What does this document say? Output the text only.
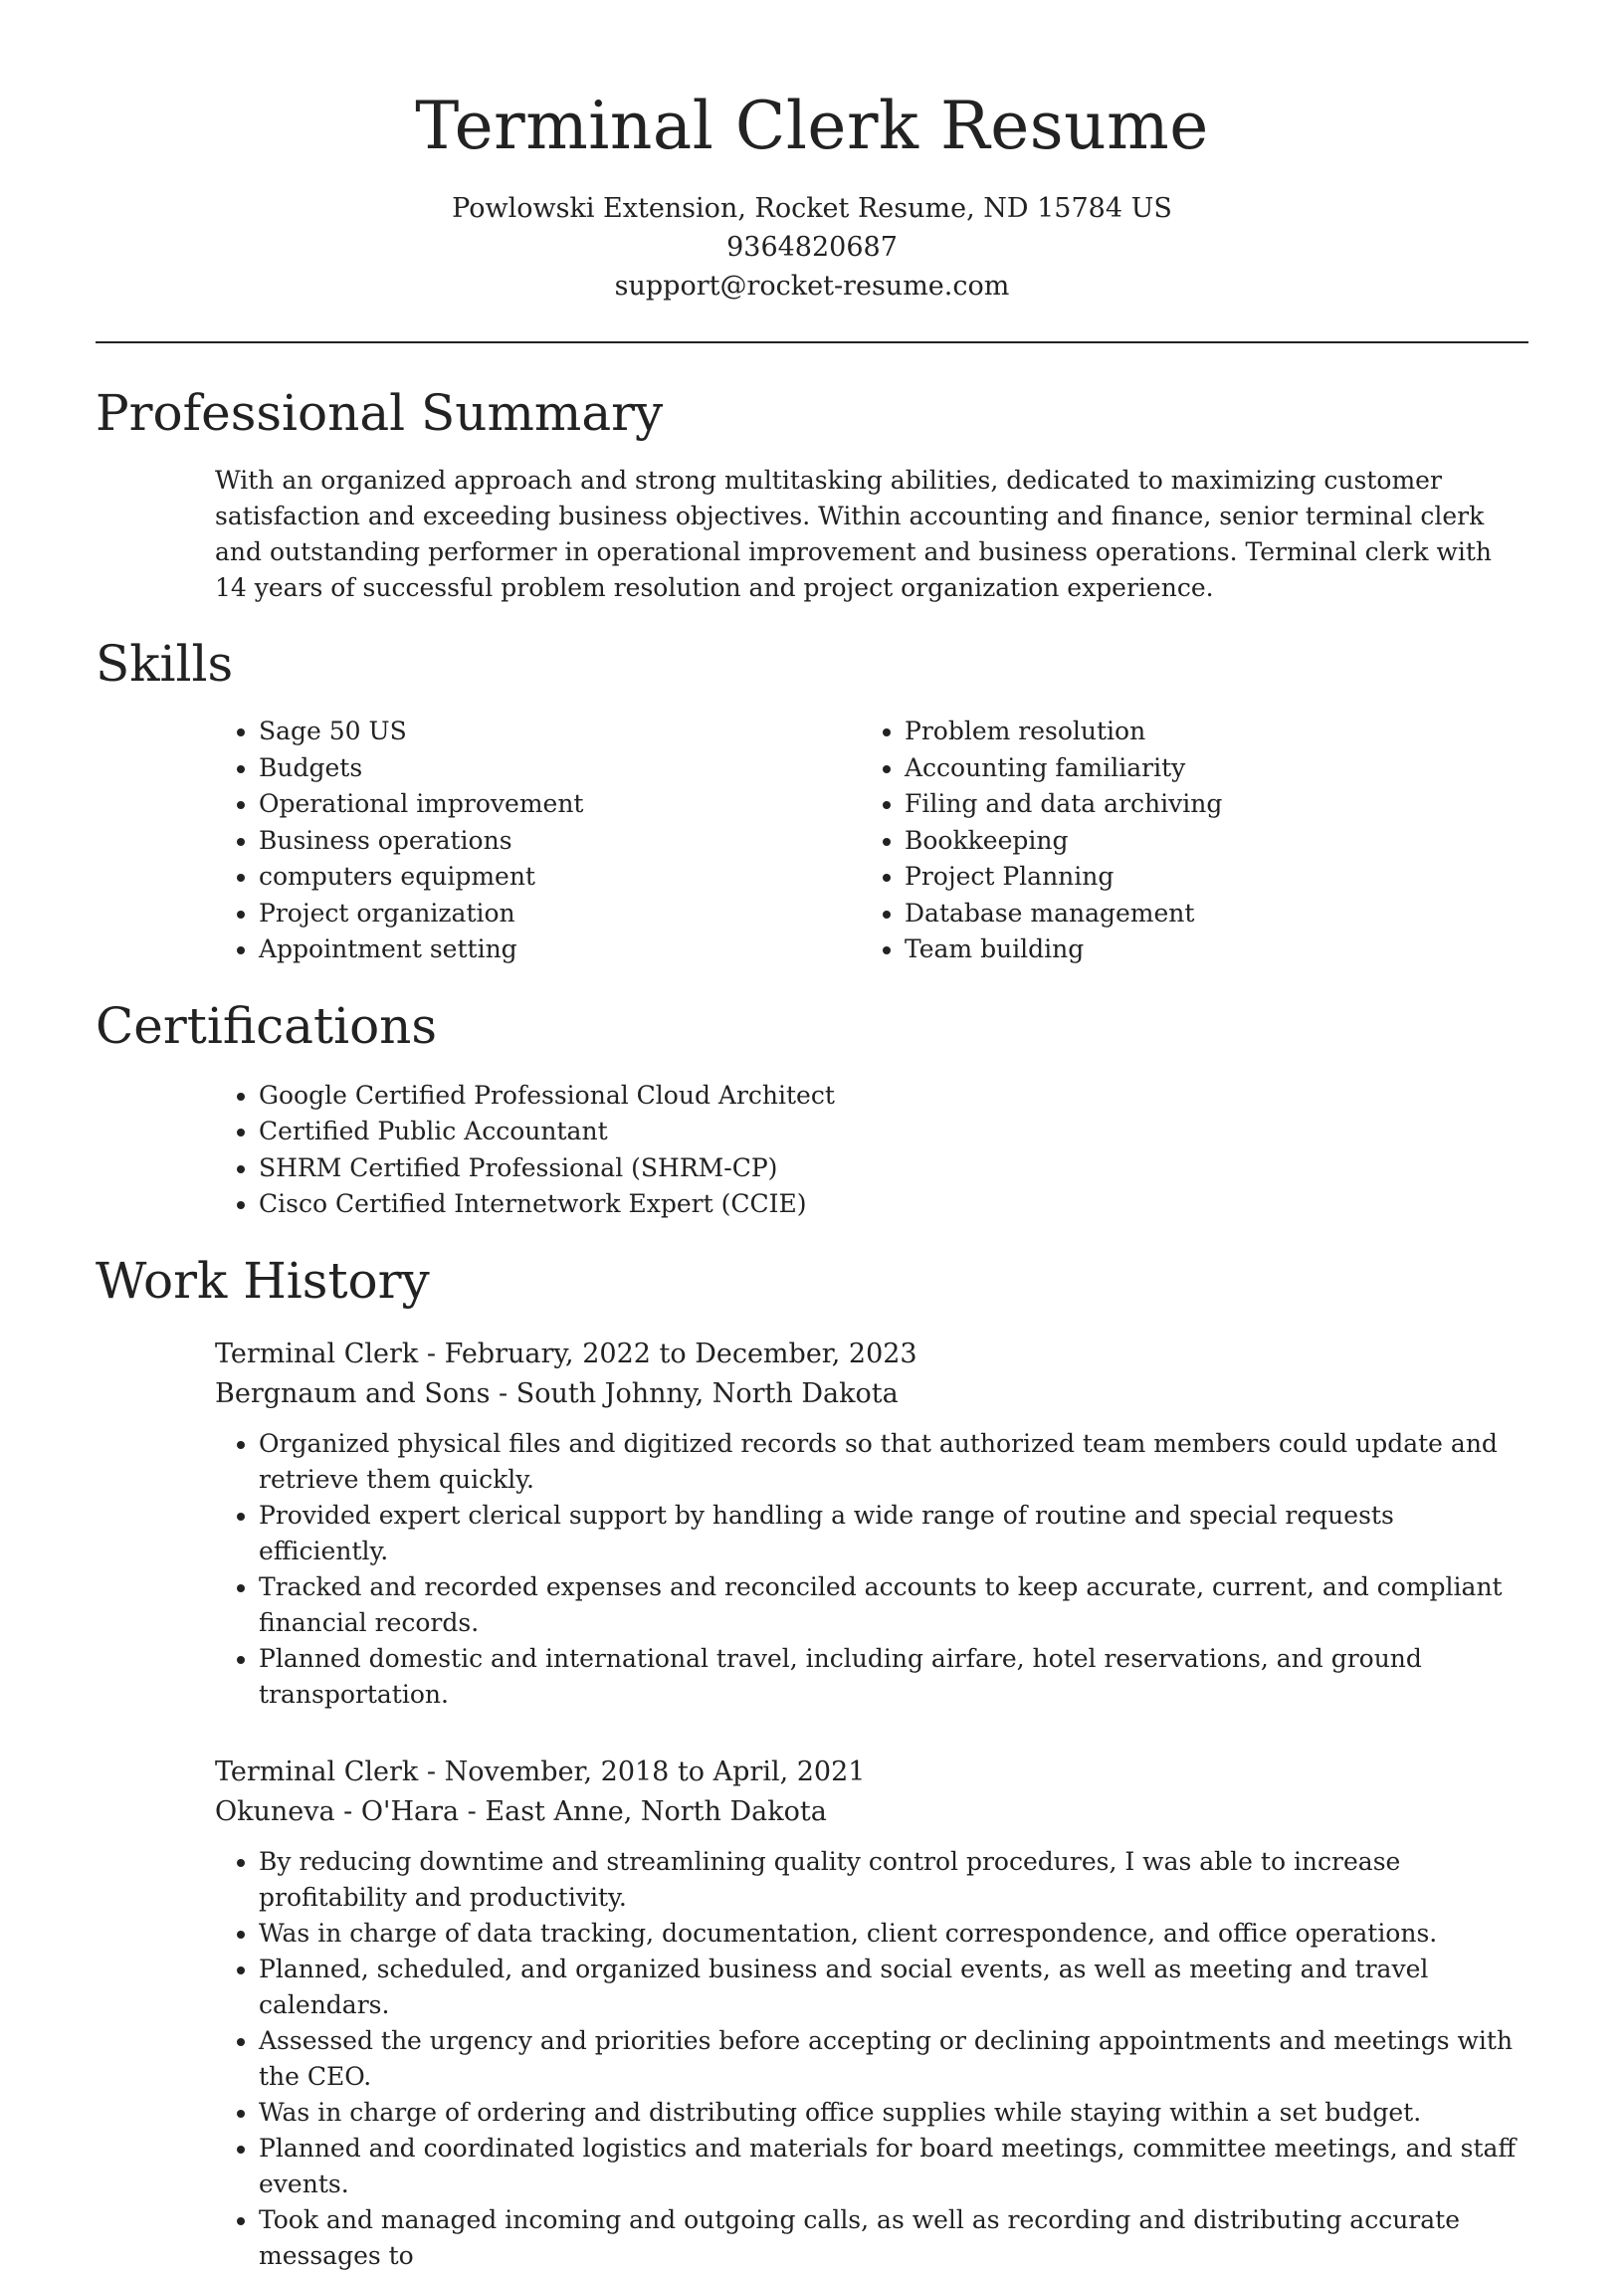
Terminal Clerk Resume
Powlowski Extension, Rocket Resume, ND 15784 US
9364820687
support@rocket-resume.com
Professional Summary
With an organized approach and strong multitasking abilities, dedicated to maximizing customer satisfaction and exceeding business objectives. Within accounting and finance, senior terminal clerk and outstanding performer in operational improvement and business operations. Terminal clerk with 14 years of successful problem resolution and project organization experience.
Skills
• Sage 50 US
• Budgets
• Operational improvement
• Business operations
• computers equipment
• Project organization
• Appointment setting
• Problem resolution
• Accounting familiarity
• Filing and data archiving
• Bookkeeping
• Project Planning
• Database management
• Team building
Certifications
• Google Certified Professional Cloud Architect
• Certified Public Accountant
• SHRM Certified Professional (SHRM-CP)
• Cisco Certified Internetwork Expert (CCIE)
Work History
Terminal Clerk - February, 2022 to December, 2023
Bergnaum and Sons - South Johnny, North Dakota
• Organized physical files and digitized records so that authorized team members could update and retrieve them quickly.
• Provided expert clerical support by handling a wide range of routine and special requests efficiently.
• Tracked and recorded expenses and reconciled accounts to keep accurate, current, and compliant financial records.
• Planned domestic and international travel, including airfare, hotel reservations, and ground transportation.
Terminal Clerk - November, 2018 to April, 2021
Okuneva - O'Hara - East Anne, North Dakota
• By reducing downtime and streamlining quality control procedures, I was able to increase profitability and productivity.
• Was in charge of data tracking, documentation, client correspondence, and office operations.
• Planned, scheduled, and organized business and social events, as well as meeting and travel calendars.
• Assessed the urgency and priorities before accepting or declining appointments and meetings with the CEO.
• Was in charge of ordering and distributing office supplies while staying within a set budget.
• Planned and coordinated logistics and materials for board meetings, committee meetings, and staff events.
• Took and managed incoming and outgoing calls, as well as recording and distributing accurate messages to
